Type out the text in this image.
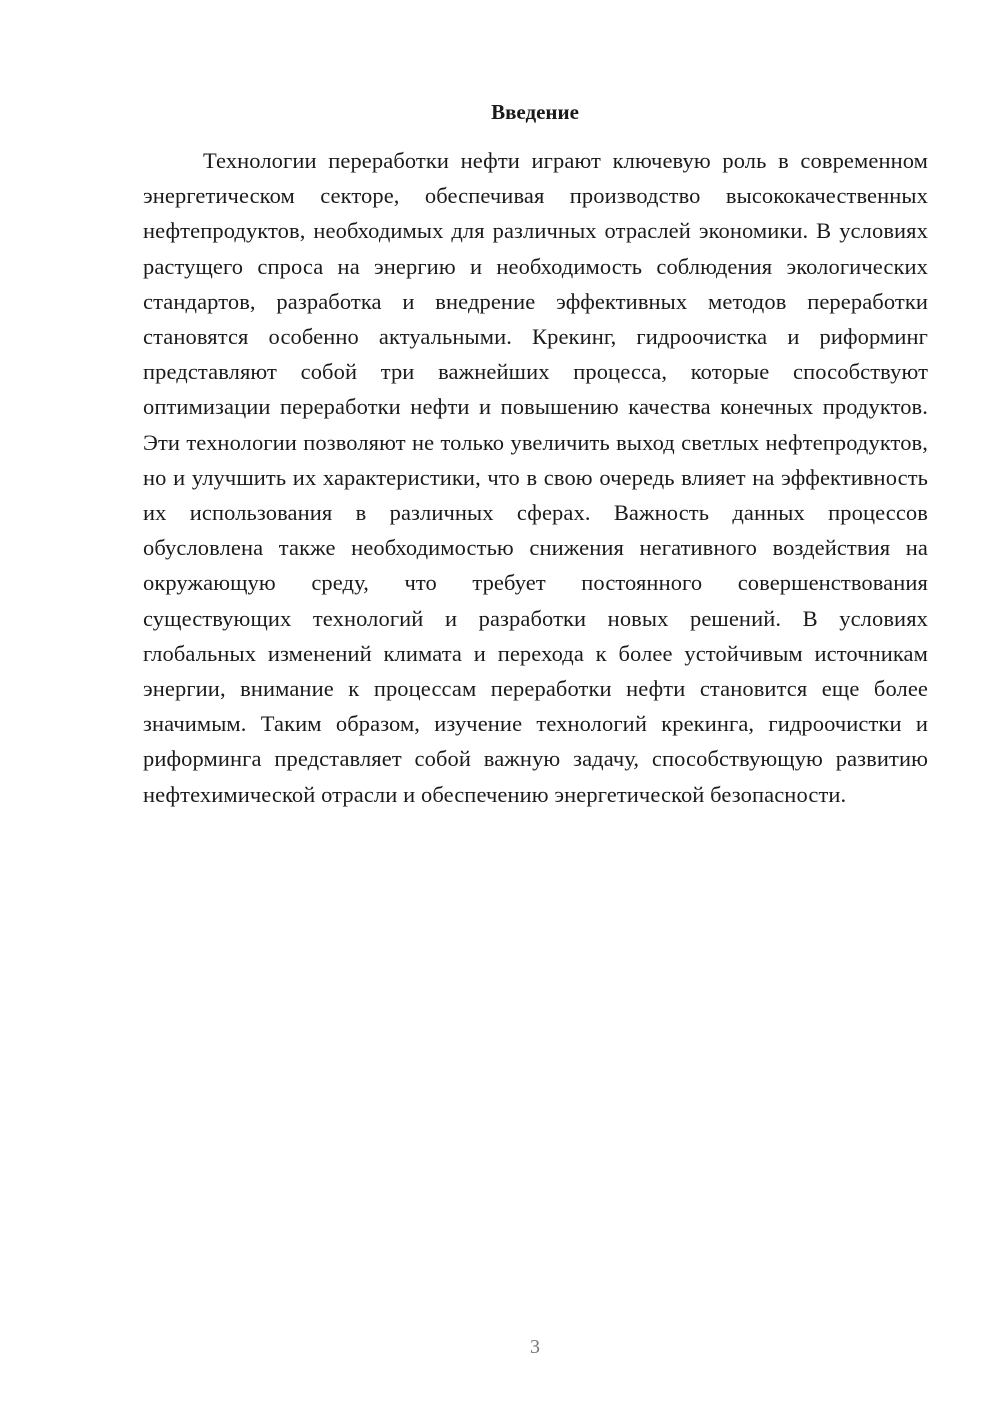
Введение

Технологии переработки нефти играют ключевую роль в современном энергетическом секторе, обеспечивая производство высококачественных нефтепродуктов, необходимых для различных отраслей экономики. В условиях растущего спроса на энергию и необходимость соблюдения экологических стандартов, разработка и внедрение эффективных методов переработки становятся особенно актуальными. Крекинг, гидроочистка и риформинг представляют собой три важнейших процесса, которые способствуют оптимизации переработки нефти и повышению качества конечных продуктов. Эти технологии позволяют не только увеличить выход светлых нефтепродуктов, но и улучшить их характеристики, что в свою очередь влияет на эффективность их использования в различных сферах. Важность данных процессов обусловлена также необходимостью снижения негативного воздействия на окружающую среду, что требует постоянного совершенствования существующих технологий и разработки новых решений. В условиях глобальных изменений климата и перехода к более устойчивым источникам энергии, внимание к процессам переработки нефти становится еще более значимым. Таким образом, изучение технологий крекинга, гидроочистки и риформинга представляет собой важную задачу, способствующую развитию нефтехимической отрасли и обеспечению энергетической безопасности.

3
